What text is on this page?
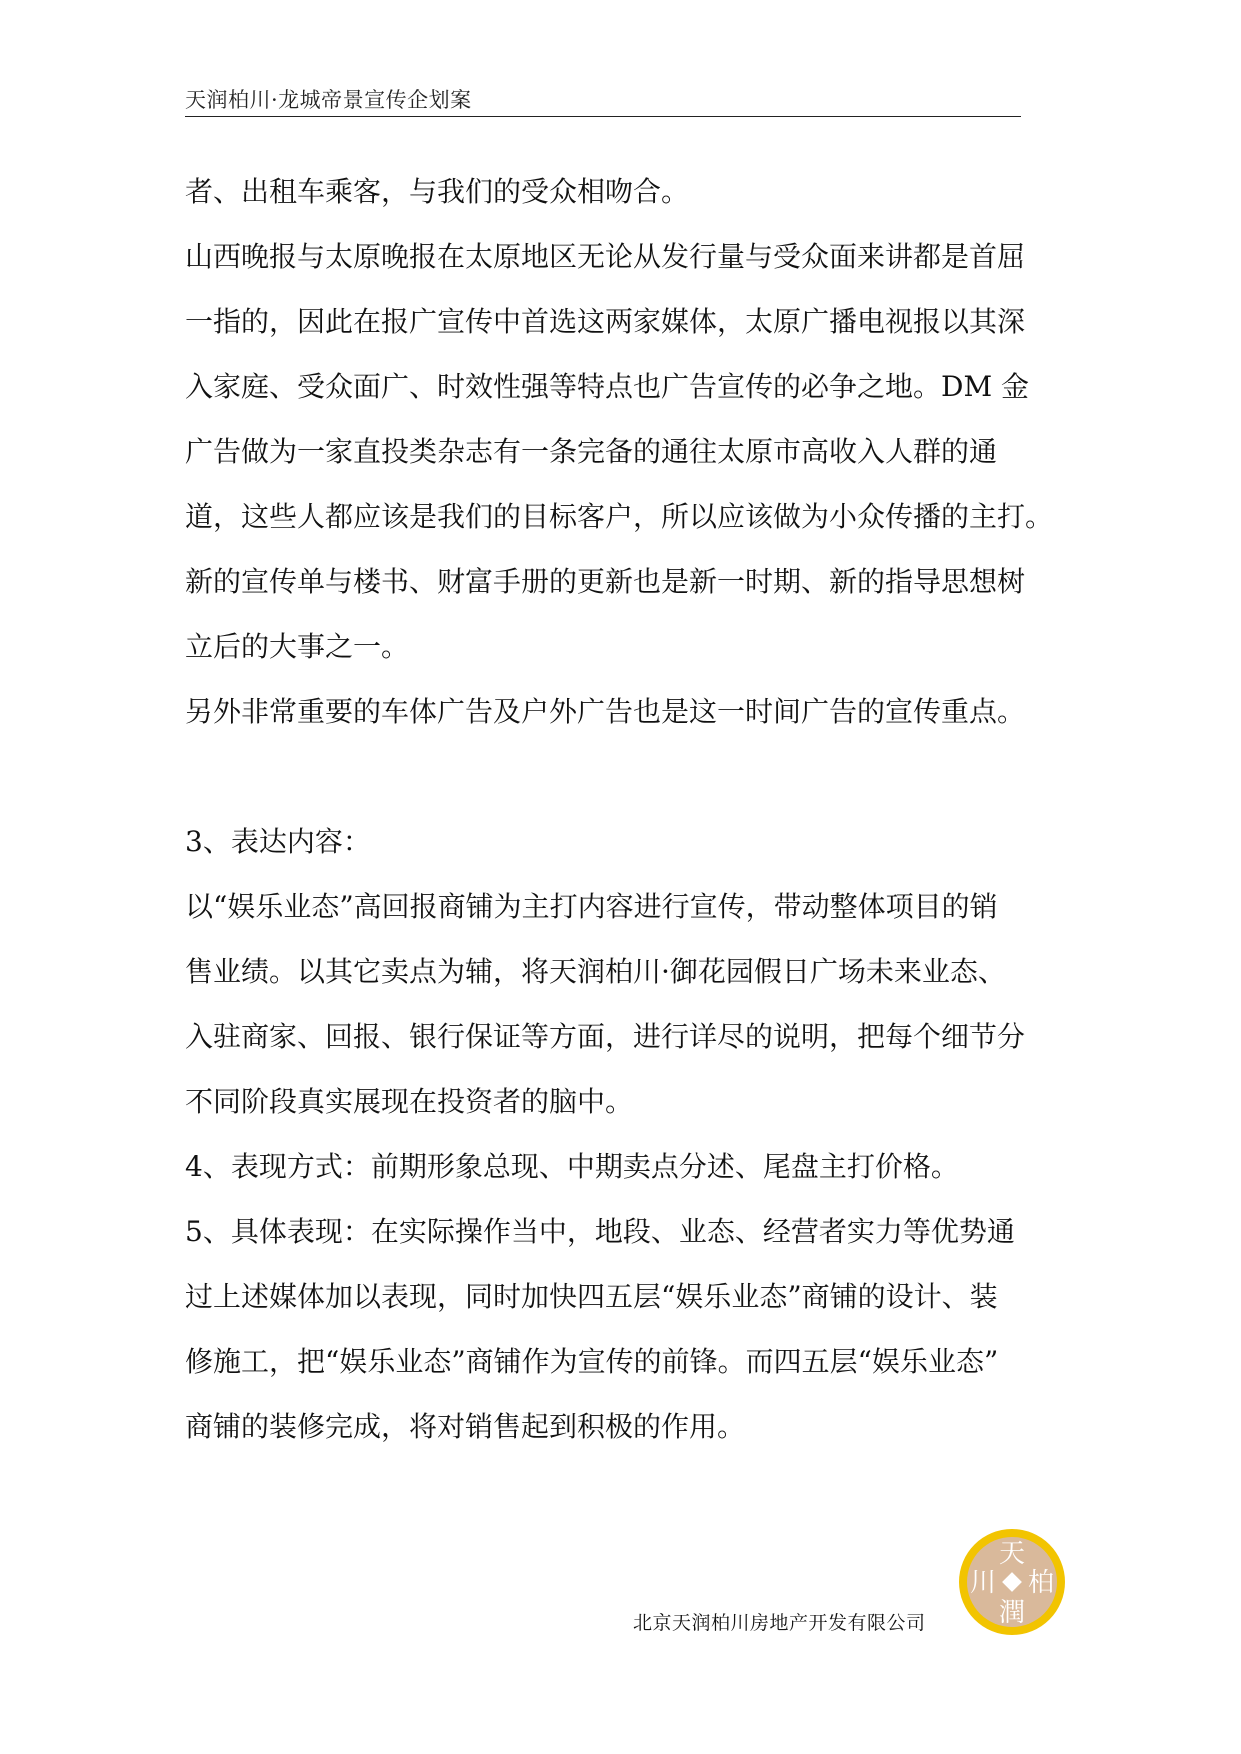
天润柏川·龙城帝景宣传企划案
者、出租车乘客，与我们的受众相吻合。
山西晚报与太原晚报在太原地区无论从发行量与受众面来讲都是首屈
一指的，因此在报广宣传中首选这两家媒体，太原广播电视报以其深
入家庭、受众面广、时效性强等特点也广告宣传的必争之地。DM 金
广告做为一家直投类杂志有一条完备的通往太原市高收入人群的通
道，这些人都应该是我们的目标客户，所以应该做为小众传播的主打。
新的宣传单与楼书、财富手册的更新也是新一时期、新的指导思想树
立后的大事之一。
另外非常重要的车体广告及户外广告也是这一时间广告的宣传重点。
3、表达内容：
以“娱乐业态”高回报商铺为主打内容进行宣传，带动整体项目的销
售业绩。以其它卖点为辅，将天润柏川·御花园假日广场未来业态、
入驻商家、回报、银行保证等方面，进行详尽的说明，把每个细节分
不同阶段真实展现在投资者的脑中。
4、表现方式：前期形象总现、中期卖点分述、尾盘主打价格。
5、具体表现：在实际操作当中，地段、业态、经营者实力等优势通
过上述媒体加以表现，同时加快四五层“娱乐业态”商铺的设计、装
修施工，把“娱乐业态”商铺作为宣传的前锋。而四五层“娱乐业态”
商铺的装修完成，将对销售起到积极的作用。
北京天润柏川房地产开发有限公司
天
柏
潤
川
